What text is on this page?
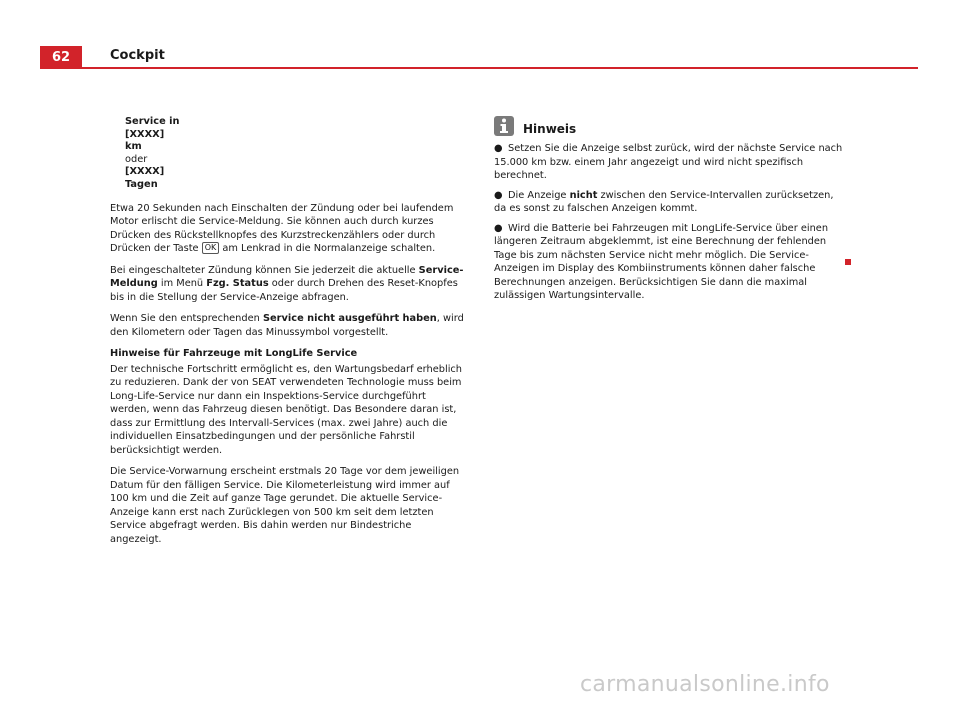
62	Cockpit
Service in
[XXXX]
km
oder
[XXXX]
Tagen

Etwa 20 Sekunden nach Einschalten der Zündung oder bei laufendem Motor erlischt die Service-Meldung. Sie können auch durch kurzes Drücken des Rückstellknopfes des Kurzstreckenzählers oder durch Drücken der Taste OK am Lenkrad in die Normalanzeige schalten.

Bei eingeschalteter Zündung können Sie jederzeit die aktuelle Service-Meldung im Menü Fzg. Status oder durch Drehen des Reset-Knopfes bis in die Stellung der Service-Anzeige abfragen.

Wenn Sie den entsprechenden Service nicht ausgeführt haben, wird den Kilometern oder Tagen das Minussymbol vorgestellt.

Hinweise für Fahrzeuge mit LongLife Service

Der technische Fortschritt ermöglicht es, den Wartungsbedarf erheblich zu reduzieren. Dank der von SEAT verwendeten Technologie muss beim Long-Life-Service nur dann ein Inspektions-Service durchgeführt werden, wenn das Fahrzeug diesen benötigt. Das Besondere daran ist, dass zur Ermittlung des Intervall-Services (max. zwei Jahre) auch die individuellen Einsatzbedingungen und der persönliche Fahrstil berücksichtigt werden.

Die Service-Vorwarnung erscheint erstmals 20 Tage vor dem jeweiligen Datum für den fälligen Service. Die Kilometerleistung wird immer auf 100 km und die Zeit auf ganze Tage gerundet. Die aktuelle Service-Anzeige kann erst nach Zurücklegen von 500 km seit dem letzten Service abgefragt werden. Bis dahin werden nur Bindestriche angezeigt.

Hinweis

● Setzen Sie die Anzeige selbst zurück, wird der nächste Service nach 15.000 km bzw. einem Jahr angezeigt und wird nicht spezifisch berechnet.

● Die Anzeige nicht zwischen den Service-Intervallen zurücksetzen, da es sonst zu falschen Anzeigen kommt.

● Wird die Batterie bei Fahrzeugen mit LongLife-Service über einen längeren Zeitraum abgeklemmt, ist eine Berechnung der fehlenden Tage bis zum nächsten Service nicht mehr möglich. Die Service-Anzeigen im Display des Kombiinstruments können daher falsche Berechnungen anzeigen. Berücksichtigen Sie dann die maximal zulässigen Wartungsintervalle.

carmanualsonline.info
